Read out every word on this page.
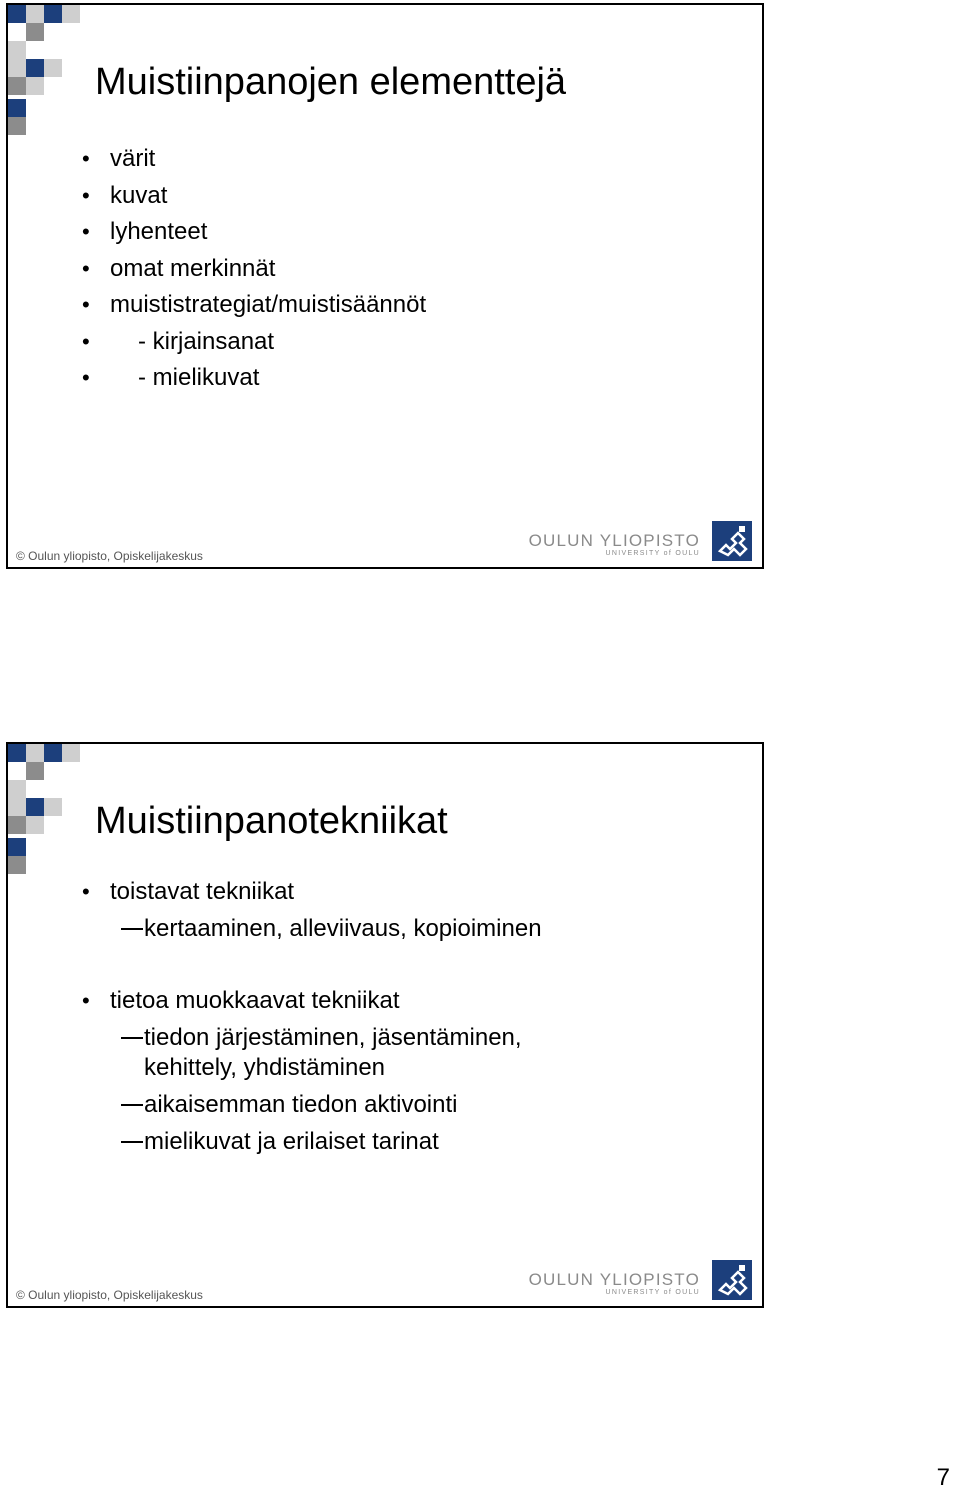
Muistiinpanojen elementtejä
• värit
• kuvat
• lyhenteet
• omat merkinnät
• muististrategiat/muistisäännöt
• - kirjainsanat
• - mielikuvat
© Oulun yliopisto, Opiskelijakeskus
OULUN YLIOPISTO
UNIVERSITY of OULU
Muistiinpanotekniikat
• toistavat tekniikat
kertaaminen, alleviivaus, kopioiminen
• tietoa muokkaavat tekniikat
tiedon järjestäminen, jäsentäminen,
kehittely, yhdistäminen
aikaisemman tiedon aktivointi
mielikuvat ja erilaiset tarinat
© Oulun yliopisto, Opiskelijakeskus
OULUN YLIOPISTO
UNIVERSITY of OULU
7
